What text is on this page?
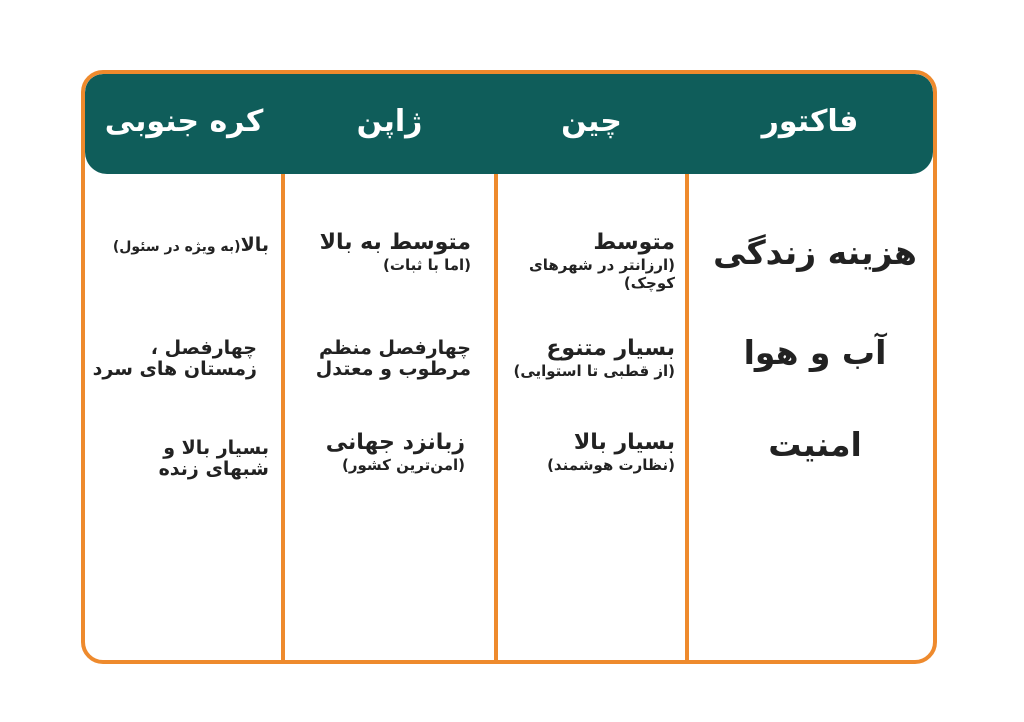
فاکتور
چین
ژاپن
کره جنوبی
هزینه زندگی
آب و هوا
امنیت
متوسط
(ارزانتر در شهرهای کوچک)
بسیار متنوع
(از قطبی تا استوایی)
بسیار بالا
(نظارت هوشمند)
متوسط به بالا
(اما با ثبات)
چهارفصل منظم مرطوب و معتدل
زبانزد جهانی
(امن‌ترین کشور)
بالا(به ویژه در سئول)
چهارفصل ، زمستان های سرد
بسیار بالا و شبهای زنده
